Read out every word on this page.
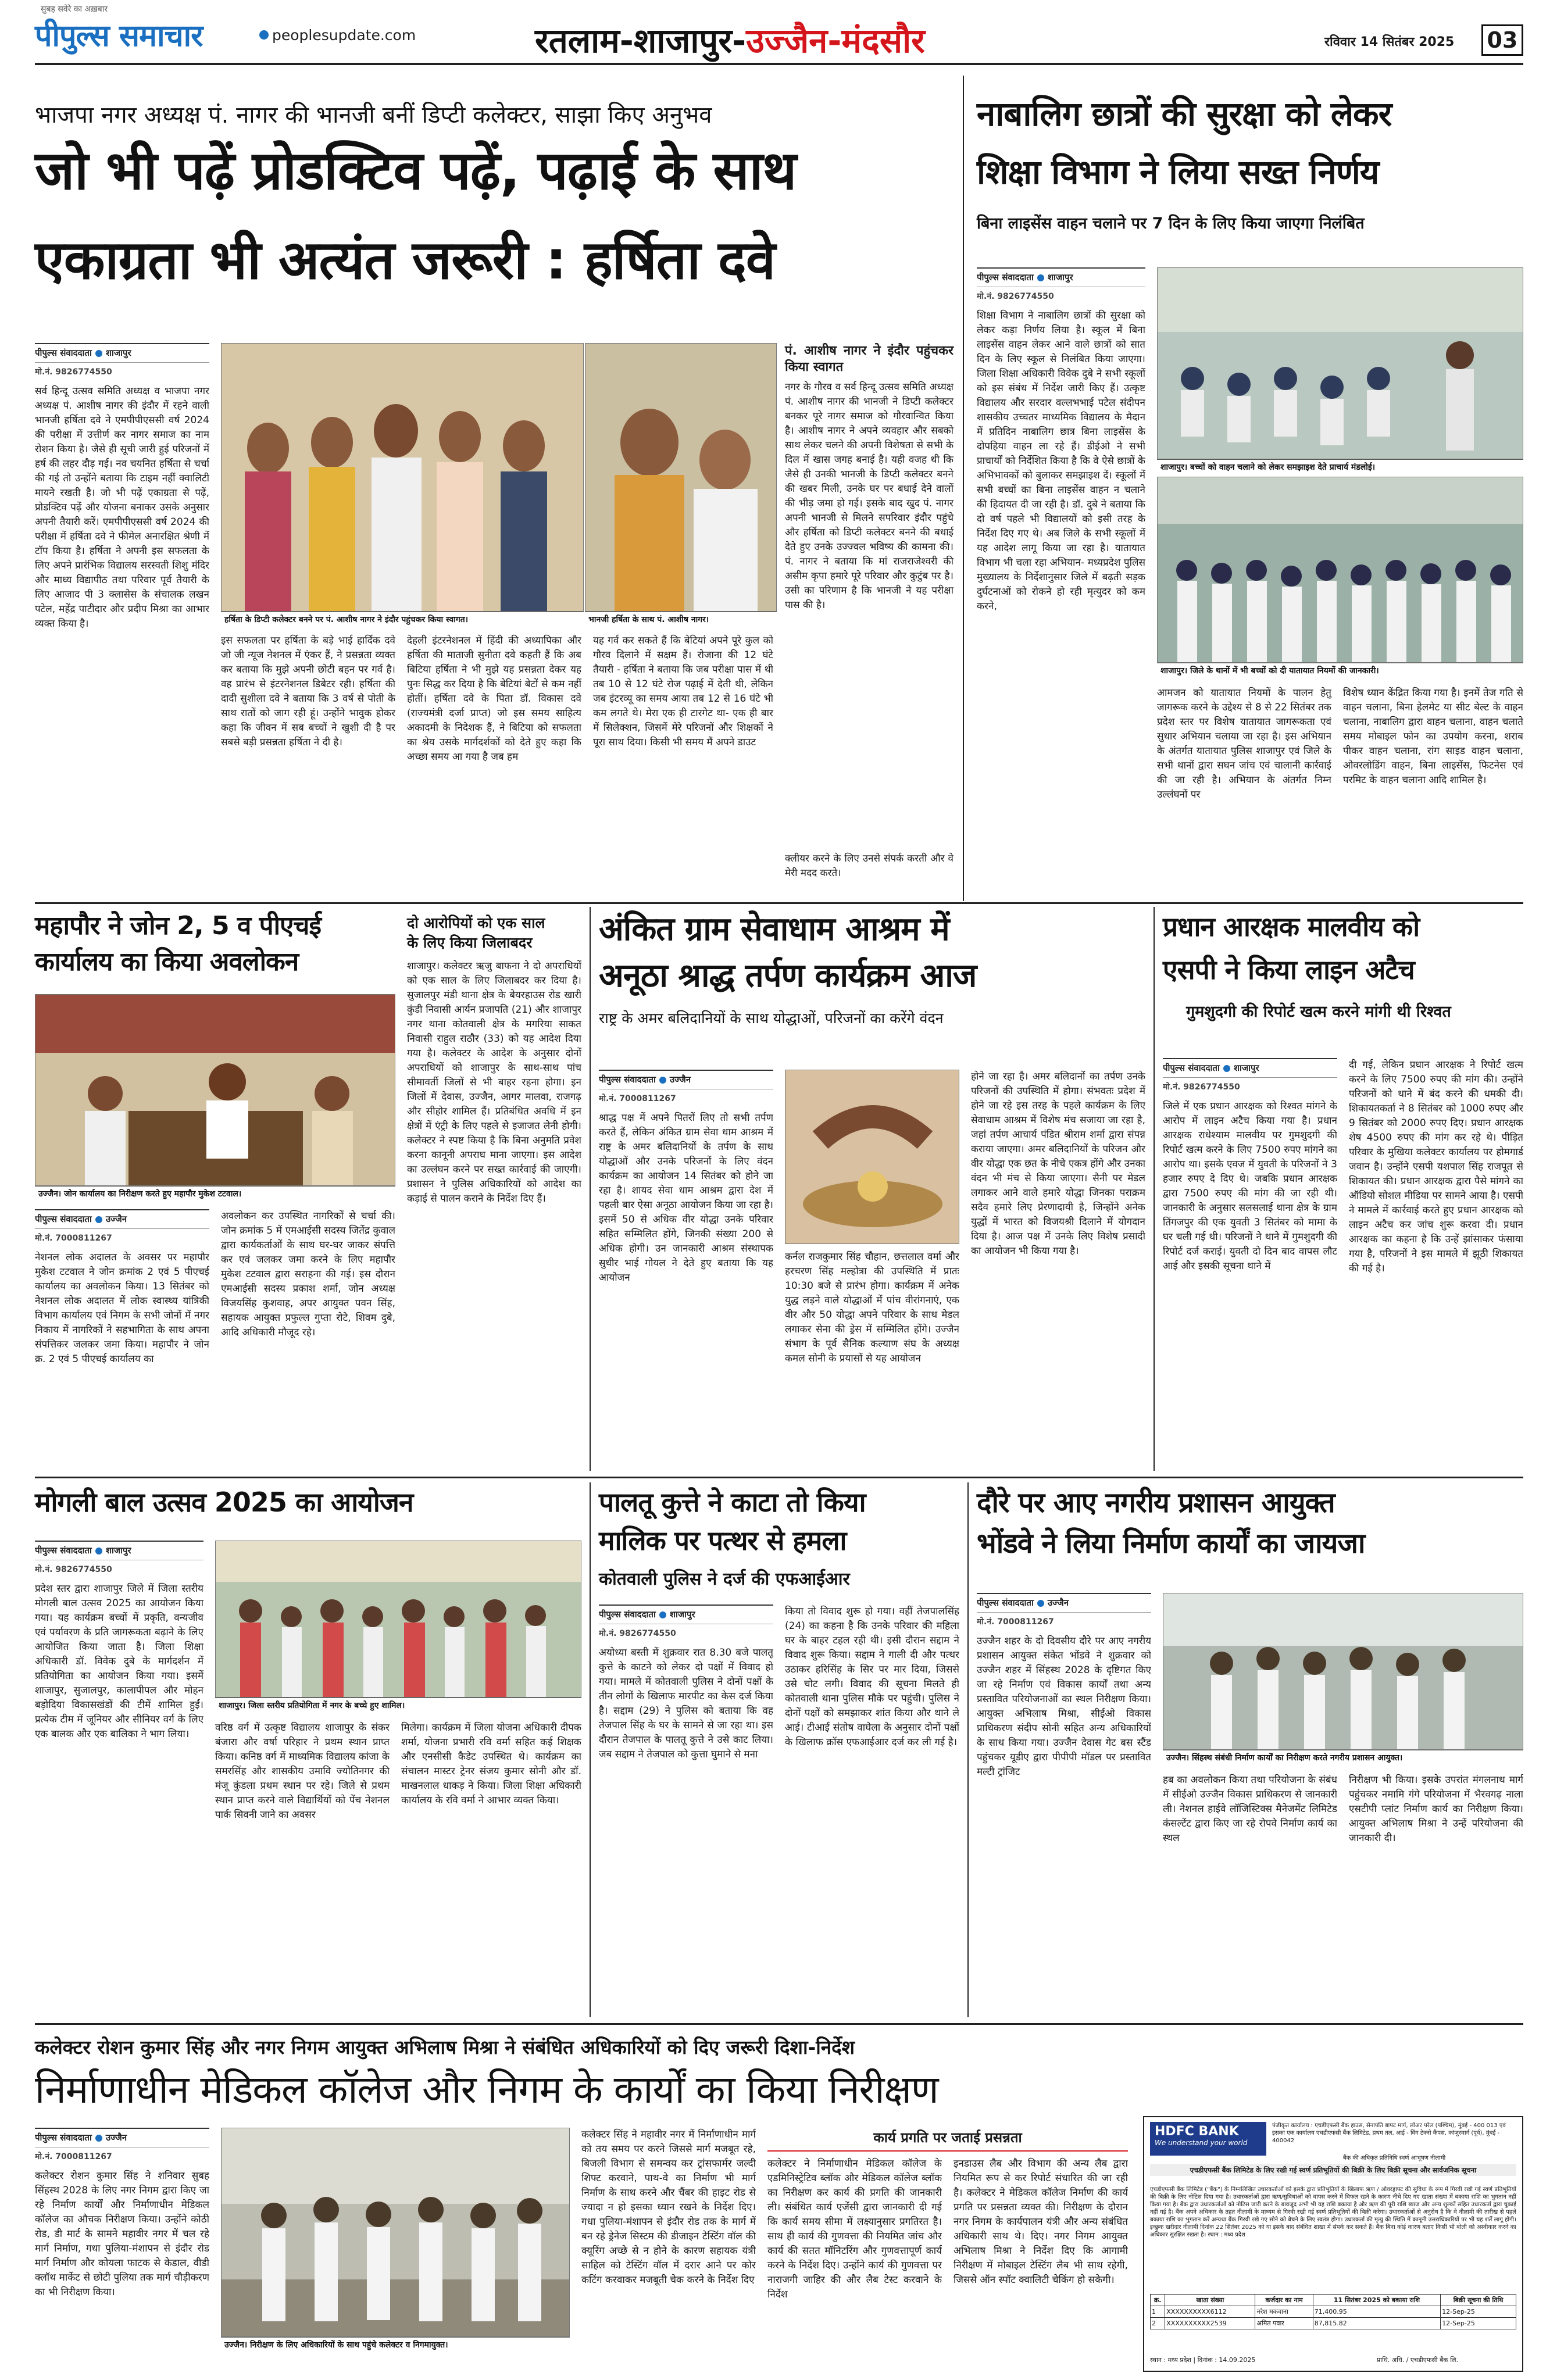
सुबह सवेरे का अख़बार
पीपुल्स समाचार	peoplesupdate.com	रतलाम-शाजापुर-उज्जैन-मंदसौर	रविवार 14 सितंबर 2025 03
भाजपा नगर अध्यक्ष पं. नागर की भानजी बनीं डिप्टी कलेक्टर, साझा किए अनुभव
जो भी पढ़ें प्रोडक्टिव पढ़ें, पढ़ाई के साथ
एकाग्रता भी अत्यंत जरूरी : हर्षिता दवे
पीपुल्स संवाददाता शाजापुर
मो.नं. 9826774550

सर्व हिन्दू उत्सव समिति अध्यक्ष व भाजपा नगर अध्यक्ष पं. आशीष नागर की इंदौर में रहने वाली भानजी हर्षिता दवे ने एमपीपीएससी वर्ष 2024 की परीक्षा में उत्तीर्ण कर नागर समाज का नाम रोशन किया है। जैसे ही सूची जारी हुई परिजनों में हर्ष की लहर दौड़ गई। नव चयनित हर्षिता से चर्चा की गई तो उन्होंने बताया कि टाइम नहीं क्वालिटी मायने रखती है। जो भी पढ़ें एकाग्रता से पढ़ें, प्रोडक्टिव पढ़ें और योजना बनाकर उसके अनुसार अपनी तैयारी करें। एमपीपीएससी वर्ष 2024 की परीक्षा में हर्षिता दवे ने फीमेल अनारक्षित श्रेणी में टॉप किया है। हर्षिता ने अपनी इस सफलता के लिए अपने प्रारंभिक विद्यालय सरस्वती शिशु मंदिर और माध्य विद्यापीठ तथा परिवार पूर्व तैयारी के लिए आजाद पी 3 क्लासेस के संचालक लखन पटेल, महेंद्र पाटीदार और प्रदीप मिश्रा का आभार व्यक्त किया है।	हर्षिता के डिप्टी कलेक्टर बनने पर पं. आशीष नागर ने इंदौर पहुंचकर किया स्वागत।	भानजी हर्षिता के साथ पं. आशीष नागर।
पं. आशीष नागर ने इंदौर पहुंचकर किया स्वागत
नगर के गौरव व सर्व हिन्दू उत्सव समिति अध्यक्ष पं. आशीष नागर की भानजी ने डिप्टी कलेक्टर बनकर पूरे नागर समाज को गौरवान्वित किया है। आशीष नागर ने अपने व्यवहार और सबको साथ लेकर चलने की अपनी विशेषता से सभी के दिल में खास जगह बनाई है। यही वजह थी कि जैसे ही उनकी भानजी के डिप्टी कलेक्टर बनने की खबर मिली, उनके घर पर बधाई देने वालों की भीड़ जमा हो गई। इसके बाद खुद पं. नागर अपनी भानजी से मिलने सपरिवार इंदौर पहुंचे और हर्षिता को डिप्टी कलेक्टर बनने की बधाई देते हुए उनके उज्ज्वल भविष्य की कामना की। पं. नागर ने बताया कि मां राजराजेश्वरी की असीम कृपा हमारे पूरे परिवार और कुटुंब पर है। उसी का परिणाम है कि भानजी ने यह परीक्षा पास की है।

इस सफलता पर हर्षिता के बड़े भाई हार्दिक दवे जो जी न्यूज नेशनल में एंकर हैं, ने प्रसन्नता व्यक्त कर बताया कि मुझे अपनी छोटी बहन पर गर्व है। वह प्रारंभ से इंटरनेशनल डिबेटर रही। हर्षिता की दादी सुशीला दवे ने बताया कि 3 वर्ष से पोती के साथ रातों को जाग रही हूं। उन्होंने भावुक होकर कहा कि जीवन में सब बच्चों ने खुशी दी है पर सबसे बड़ी प्रसन्नता हर्षिता ने दी है।

देहली इंटरनेशनल में हिंदी की अध्यापिका और हर्षिता की माताजी सुनीता दवे कहती हैं कि अब बिटिया हर्षिता ने भी मुझे यह प्रसन्नता देकर यह पुनः सिद्ध कर दिया है कि बेटियां बेटों से कम नहीं होतीं। हर्षिता दवे के पिता डॉ. विकास दवे (राज्यमंत्री दर्जा प्राप्त) जो इस समय साहित्य अकादमी के निदेशक हैं, ने बिटिया को सफलता का श्रेय उसके मार्गदर्शकों को देते हुए कहा कि अच्छा समय आ गया है जब हम

यह गर्व कर सकते हैं कि बेटियां अपने पूरे कुल को गौरव दिलाने में सक्षम हैं। रोजाना की 12 घंटे तैयारी - हर्षिता ने बताया कि जब परीक्षा पास में थी तब 10 से 12 घंटे रोज पढ़ाई में देती थी, लेकिन जब इंटरव्यू का समय आया तब 12 से 16 घंटे भी कम लगते थे। मेरा एक ही टारगेट था- एक ही बार में सिलेक्शन, जिसमें मेरे परिजनों और शिक्षकों ने पूरा साथ दिया। किसी भी समय मैं अपने डाउट

क्लीयर करने के लिए उनसे संपर्क करती और वे मेरी मदद करते।

नाबालिग छात्रों की सुरक्षा को लेकर
शिक्षा विभाग ने लिया सख्त निर्णय
बिना लाइसेंस वाहन चलाने पर 7 दिन के लिए किया जाएगा निलंबित
पीपुल्स संवाददाता शाजापुर
मो.नं. 9826774550

शिक्षा विभाग ने नाबालिग छात्रों की सुरक्षा को लेकर कड़ा निर्णय लिया है। स्कूल में बिना लाइसेंस वाहन लेकर आने वाले छात्रों को सात दिन के लिए स्कूल से निलंबित किया जाएगा। जिला शिक्षा अधिकारी विवेक दुबे ने सभी स्कूलों को इस संबंध में निर्देश जारी किए हैं। उत्कृष्ट विद्यालय और सरदार वल्लभभाई पटेल संदीपन शासकीय उच्चतर माध्यमिक विद्यालय के मैदान में प्रतिदिन नाबालिग छात्र बिना लाइसेंस के दोपहिया वाहन ला रहे हैं। डीईओ ने सभी प्राचार्यों को निर्देशित किया है कि वे ऐसे छात्रों के अभिभावकों को बुलाकर समझाइश दें। स्कूलों में सभी बच्चों का बिना लाइसेंस वाहन न चलाने की हिदायत दी जा रही है। डॉ. दुबे ने बताया कि दो वर्ष पहले भी विद्यालयों को इसी तरह के निर्देश दिए गए थे। अब जिले के सभी स्कूलों में यह आदेश लागू किया जा रहा है। यातायात विभाग भी चला रहा अभियान- मध्यप्रदेश पुलिस मुख्यालय के निर्देशानुसार जिले में बढ़ती सड़क दुर्घटनाओं को रोकने हो रही मृत्युदर को कम करने,

शाजापुर। बच्चों को वाहन चलाने को लेकर समझाइश देते प्राचार्य मंडलोई।
शाजापुर। जिले के थानों में भी बच्चों को दी यातायात नियमों की जानकारी।

आमजन को यातायात नियमों के पालन हेतु जागरूक करने के उद्देश्य से 8 से 22 सितंबर तक प्रदेश स्तर पर विशेष यातायात जागरूकता एवं सुधार अभियान चलाया जा रहा है। इस अभियान के अंतर्गत यातायात पुलिस शाजापुर एवं जिले के सभी थानों द्वारा सघन जांच एवं चालानी कार्रवाई की जा रही है। अभियान के अंतर्गत निम्न उल्लंघनों पर

विशेष ध्यान केंद्रित किया गया है। इनमें तेज गति से वाहन चलाना, बिना हेलमेट या सीट बेल्ट के वाहन चलाना, नाबालिग द्वारा वाहन चलाना, वाहन चलाते समय मोबाइल फोन का उपयोग करना, शराब पीकर वाहन चलाना, रांग साइड वाहन चलाना, ओवरलोडिंग वाहन, बिना लाइसेंस, फिटनेस एवं परमिट के वाहन चलाना आदि शामिल है।

महापौर ने जोन 2, 5 व पीएचई
कार्यालय का किया अवलोकन
उज्जैन। जोन कार्यालय का निरीक्षण करते हुए महापौर मुकेश टटवाल।
पीपुल्स संवाददाता उज्जैन
मो.नं. 7000811267

नेशनल लोक अदालत के अवसर पर महापौर मुकेश टटवाल ने जोन क्रमांक 2 एवं 5 पीएचई कार्यालय का अवलोकन किया। 13 सितंबर को नेशनल लोक अदालत में लोक स्वास्थ्य यांत्रिकी विभाग कार्यालय एवं निगम के सभी जोनों में नगर निकाय में नागरिकों ने सहभागिता के साथ अपना संपत्तिकर जलकर जमा किया। महापौर ने जोन क्र. 2 एवं 5 पीएचई कार्यालय का

अवलोकन कर उपस्थित नागरिकों से चर्चा की। जोन क्रमांक 5 में एमआईसी सदस्य जितेंद्र कुवाल द्वारा कार्यकर्ताओं के साथ घर-घर जाकर संपत्ति कर एवं जलकर जमा करने के लिए महापौर मुकेश टटवाल द्वारा सराहना की गई। इस दौरान एमआईसी सदस्य प्रकाश शर्मा, जोन अध्यक्ष विजयसिंह कुशवाह, अपर आयुक्त पवन सिंह, सहायक आयुक्त प्रफुल्ल गुप्ता रोटे, शिवम दुबे, आदि अधिकारी मौजूद रहे।

दो आरोपियों को एक साल
के लिए किया जिलाबदर

शाजापुर। कलेक्टर ऋजु बाफना ने दो अपराधियों को एक साल के लिए जिलाबदर कर दिया है। सुजालपुर मंडी थाना क्षेत्र के बेयरहाउस रोड खारी कुंडी निवासी आर्यन प्रजापति (21) और शाजापुर नगर थाना कोतवाली क्षेत्र के मगरिया साकत निवासी राहुल राठौर (33) को यह आदेश दिया गया है। कलेक्टर के आदेश के अनुसार दोनों अपराधियों को शाजापुर के साथ-साथ पांच सीमावर्ती जिलों से भी बाहर रहना होगा। इन जिलों में देवास, उज्जैन, आगर मालवा, राजगढ़ और सीहोर शामिल हैं। प्रतिबंधित अवधि में इन क्षेत्रों में एंट्री के लिए पहले से इजाजत लेनी होगी। कलेक्टर ने स्पष्ट किया है कि बिना अनुमति प्रवेश करना कानूनी अपराध माना जाएगा। इस आदेश का उल्लंघन करने पर सख्त कार्रवाई की जाएगी। प्रशासन ने पुलिस अधिकारियों को आदेश का कड़ाई से पालन कराने के निर्देश दिए हैं।

अंकित ग्राम सेवाधाम आश्रम में
अनूठा श्राद्ध तर्पण कार्यक्रम आज
राष्ट्र के अमर बलिदानियों के साथ योद्धाओं, परिजनों का करेंगे वंदन
पीपुल्स संवाददाता उज्जैन
मो.नं. 7000811267

श्राद्ध पक्ष में अपने पितरों लिए तो सभी तर्पण करते हैं, लेकिन अंकित ग्राम सेवा धाम आश्रम में राष्ट्र के अमर बलिदानियों के तर्पण के साथ योद्धाओं और उनके परिजनों के लिए वंदन कार्यक्रम का आयोजन 14 सितंबर को होने जा रहा है। शायद सेवा धाम आश्रम द्वारा देश में पहली बार ऐसा अनूठा आयोजन किया जा रहा है। इसमें 50 से अधिक वीर योद्धा उनके परिवार सहित सम्मिलित होंगे, जिनकी संख्या 200 से अधिक होगी। उन जानकारी आश्रम संस्थापक सुधीर भाई गोयल ने देते हुए बताया कि यह आयोजन

कर्नल राजकुमार सिंह चौहान, छत्तलाल वर्मा और हरचरण सिंह मल्होत्रा की उपस्थिति में प्रातः 10:30 बजे से प्रारंभ होगा। कार्यक्रम में अनेक युद्ध लड़ने वाले योद्धाओं में पांच वीरांगनाएं, एक वीर और 50 योद्धा अपने परिवार के साथ मेडल लगाकर सेना की ड्रेस में सम्मिलित होंगे। उज्जैन संभाग के पूर्व सैनिक कल्याण संघ के अध्यक्ष कमल सोनी के प्रयासों से यह आयोजन

होने जा रहा है। अमर बलिदानों का तर्पण उनके परिजनों की उपस्थिति में होगा। संभवतः प्रदेश में होने जा रहे इस तरह के पहले कार्यक्रम के लिए सेवाधाम आश्रम में विशेष मंच सजाया जा रहा है, जहां तर्पण आचार्य पंडित श्रीराम शर्मा द्वारा संपन्न कराया जाएगा। अमर बलिदानियों के परिजन और वीर योद्धा एक छत के नीचे एकत्र होंगे और उनका वंदन भी मंच से किया जाएगा। सैनी पर मेडल लगाकर आने वाले हमारे योद्धा जिनका पराक्रम सदैव हमारे लिए प्रेरणादायी है, जिन्होंने अनेक युद्धों में भारत को विजयश्री दिलाने में योगदान दिया है। आज पक्ष में उनके लिए विशेष प्रसादी का आयोजन भी किया गया है।

प्रधान आरक्षक मालवीय को
एसपी ने किया लाइन अटैच
गुमशुदगी की रिपोर्ट खत्म करने मांगी थी रिश्वत
पीपुल्स संवाददाता शाजापुर
मो.नं. 9826774550

जिले में एक प्रधान आरक्षक को रिश्वत मांगने के आरोप में लाइन अटैच किया गया है। प्रधान आरक्षक राधेश्याम मालवीय पर गुमशुदगी की रिपोर्ट खत्म करने के लिए 7500 रुपए मांगने का आरोप था। इसके एवज में युवती के परिजनों ने 3 हजार रुपए दे दिए थे। जबकि प्रधान आरक्षक द्वारा 7500 रुपए की मांग की जा रही थी। जानकारी के अनुसार सलसलाई थाना क्षेत्र के ग्राम तिंगजपुर की एक युवती 3 सितंबर को मामा के घर चली गई थी। परिजनों ने थाने में गुमशुदगी की रिपोर्ट दर्ज कराई। युवती दो दिन बाद वापस लौट आई और इसकी सूचना थाने में

दी गई, लेकिन प्रधान आरक्षक ने रिपोर्ट खत्म करने के लिए 7500 रुपए की मांग की। उन्होंने परिजनों को थाने में बंद करने की धमकी दी। शिकायतकर्ता ने 8 सितंबर को 1000 रुपए और 9 सितंबर को 2000 रुपए दिए। प्रधान आरक्षक शेष 4500 रुपए की मांग कर रहे थे। पीड़ित परिवार के मुखिया कलेक्टर कार्यालय पर होमगार्ड जवान है। उन्होंने एसपी यशपाल सिंह राजपूत से शिकायत की। प्रधान आरक्षक द्वारा पैसे मांगने का ऑडियो सोशल मीडिया पर सामने आया है। एसपी ने मामले में कार्रवाई करते हुए प्रधान आरक्षक को लाइन अटैच कर जांच शुरू करवा दी। प्रधान आरक्षक का कहना है कि उन्हें झांसाकर फंसाया गया है, परिजनों ने इस मामले में झूठी शिकायत की गई है।

मोगली बाल उत्सव 2025 का आयोजन
पीपुल्स संवाददाता शाजापुर
मो.नं. 9826774550

प्रदेश स्तर द्वारा शाजापुर जिले में जिला स्तरीय मोगली बाल उत्सव 2025 का आयोजन किया गया। यह कार्यक्रम बच्चों में प्रकृति, वन्यजीव एवं पर्यावरण के प्रति जागरूकता बढ़ाने के लिए आयोजित किया जाता है। जिला शिक्षा अधिकारी डॉ. विवेक दुबे के मार्गदर्शन में प्रतियोगिता का आयोजन किया गया। इसमें शाजापुर, सुजालपुर, कालापीपल और मोहन बड़ोदिया विकासखंडों की टीमें शामिल हुईं। प्रत्येक टीम में जूनियर और सीनियर वर्ग के लिए एक बालक और एक बालिका ने भाग लिया।

शाजापुर। जिला स्तरीय प्रतियोगिता में नगर के बच्चे हुए शामिल।

वरिष्ठ वर्ग में उत्कृष्ट विद्यालय शाजापुर के संकर बंजारा और वर्षा परिहार ने प्रथम स्थान प्राप्त किया। कनिष्ठ वर्ग में माध्यमिक विद्यालय कांजा के समरसिंह और शासकीय उमावि ज्योतिनगर की मंजू कुंडला प्रथम स्थान पर रहे। जिले से प्रथम स्थान प्राप्त करने वाले विद्यार्थियों को पेंच नेशनल पार्क सिवनी जाने का अवसर

मिलेगा। कार्यक्रम में जिला योजना अधिकारी दीपक शर्मा, योजना प्रभारी रवि वर्मा सहित कई शिक्षक और एनसीसी कैडेट उपस्थित थे। कार्यक्रम का संचालन मास्टर ट्रेनर संजय कुमार सोनी और डॉ. माखनलाल धाकड़ ने किया। जिला शिक्षा अधिकारी कार्यालय के रवि वर्मा ने आभार व्यक्त किया।

पालतू कुत्ते ने काटा तो किया
मालिक पर पत्थर से हमला
कोतवाली पुलिस ने दर्ज की एफआईआर
पीपुल्स संवाददाता शाजापुर
मो.नं. 9826774550

अयोध्या बस्ती में शुक्रवार रात 8.30 बजे पालतू कुत्ते के काटने को लेकर दो पक्षों में विवाद हो गया। मामले में कोतवाली पुलिस ने दोनों पक्षों के तीन लोगों के खिलाफ मारपीट का केस दर्ज किया है। सद्दाम (29) ने पुलिस को बताया कि वह तेजपाल सिंह के घर के सामने से जा रहा था। इस दौरान तेजपाल के पालतू कुत्ते ने उसे काट लिया। जब सद्दाम ने तेजपाल को कुत्ता घुमाने से मना

किया तो विवाद शुरू हो गया। वहीं तेजपालसिंह (24) का कहना है कि उनके परिवार की महिला घर के बाहर टहल रही थी। इसी दौरान सद्दाम ने विवाद शुरू किया। सद्दाम ने गाली दी और पत्थर उठाकर हरिसिंह के सिर पर मार दिया, जिससे उसे चोट लगी। विवाद की सूचना मिलते ही कोतवाली थाना पुलिस मौके पर पहुंची। पुलिस ने दोनों पक्षों को समझाकर शांत किया और थाने ले आई। टीआई संतोष वाघेला के अनुसार दोनों पक्षों के खिलाफ क्रॉस एफआईआर दर्ज कर ली गई है।

दौरे पर आए नगरीय प्रशासन आयुक्त
भोंडवे ने लिया निर्माण कार्यों का जायजा
पीपुल्स संवाददाता उज्जैन
मो.नं. 7000811267

उज्जैन शहर के दो दिवसीय दौरे पर आए नगरीय प्रशासन आयुक्त संकेत भोंडवे ने शुक्रवार को उज्जैन शहर में सिंहस्थ 2028 के दृष्टिगत किए जा रहे निर्माण एवं विकास कार्यों तथा अन्य प्रस्तावित परियोजनाओं का स्थल निरीक्षण किया। आयुक्त अभिलाष मिश्रा, सीईओ विकास प्राधिकरण संदीप सोनी सहित अन्य अधिकारियों के साथ किया गया। उज्जैन देवास गेट बस स्टैंड पहुंचकर यूडीए द्वारा पीपीपी मॉडल पर प्रस्तावित मल्टी ट्रांजिट

उज्जैन। सिंहस्थ संबंधी निर्माण कार्यों का निरीक्षण करते नगरीय प्रशासन आयुक्त।

हब का अवलोकन किया तथा परियोजना के संबंध में सीईओ उज्जैन विकास प्राधिकरण से जानकारी ली। नेशनल हाईवे लॉजिस्टिक्स मैनेजमेंट लिमिटेड कंसल्टेंट द्वारा किए जा रहे रोपवे निर्माण कार्य का स्थल

निरीक्षण भी किया। इसके उपरांत मंगलनाथ मार्ग पहुंचकर नमामि गंगे परियोजना में भैरवगढ़ नाला एसटीपी प्लांट निर्माण कार्य का निरीक्षण किया। आयुक्त अभिलाष मिश्रा ने उन्हें परियोजना की जानकारी दी।

कलेक्टर रोशन कुमार सिंह और नगर निगम आयुक्त अभिलाष मिश्रा ने संबंधित अधिकारियों को दिए जरूरी दिशा-निर्देश
निर्माणाधीन मेडिकल कॉलेज और निगम के कार्यों का किया निरीक्षण
पीपुल्स संवाददाता उज्जैन
मो.नं. 7000811267

कलेक्टर रोशन कुमार सिंह ने शनिवार सुबह सिंहस्थ 2028 के लिए नगर निगम द्वारा किए जा रहे निर्माण कार्यों और निर्माणाधीन मेडिकल कॉलेज का औचक निरीक्षण किया। उन्होंने कोठी रोड, डी मार्ट के सामने महावीर नगर में चल रहे मार्ग निर्माण, गधा पुलिया-मंशापन से इंदौर रोड मार्ग निर्माण और कोयला फाटक से केडाल, वीडी क्लॉथ मार्केट से छोटी पुलिया तक मार्ग चौड़ीकरण का भी निरीक्षण किया।

उज्जैन। निरीक्षण के लिए अधिकारियों के साथ पहुंचे कलेक्टर व निगमायुक्त।

कलेक्टर सिंह ने महावीर नगर में निर्माणाधीन मार्ग को तय समय पर करने जिससे मार्ग मजबूत रहे, बिजली विभाग से समन्वय कर ट्रांसफार्मर जल्दी शिफ्ट करवाने, पाथ-वे का निर्माण भी मार्ग निर्माण के साथ करने और चैंबर की हाइट रोड से ज्यादा न हो इसका ध्यान रखने के निर्देश दिए। गधा पुलिया-मंशापन से इंदौर रोड तक के मार्ग में बन रहे ड्रेनेज सिस्टम की डीजाइन टेस्टिंग वॉल की क्यूरिंग अच्छे से न होने के कारण सहायक यंत्री साहिल को टेस्टिंग वॉल में दरार आने पर कोर कटिंग करवाकर मजबूती चेक करने के निर्देश दिए

कार्य प्रगति पर जताई प्रसन्नता

कलेक्टर ने निर्माणाधीन मेडिकल कॉलेज के एडमिनिस्ट्रेटिव ब्लॉक और मेडिकल कॉलेज ब्लॉक का निरीक्षण कर कार्य की प्रगति की जानकारी ली। संबंधित कार्य एजेंसी द्वारा जानकारी दी गई कि कार्य समय सीमा में लक्ष्यानुसार प्रगतिरत है। साथ ही कार्य की गुणवत्ता की नियमित जांच और कार्य की सतत मॉनिटरिंग और गुणवत्तापूर्ण कार्य करने के निर्देश दिए। उन्होंने कार्य की गुणवत्ता पर नाराजगी जाहिर की और लैब टेस्ट करवाने के निर्देश

इनडाउस लैब और विभाग की अन्य लैब द्वारा नियमित रूप से कर रिपोर्ट संधारित की जा रही है। कलेक्टर ने मेडिकल कॉलेज निर्माण की कार्य प्रगति पर प्रसन्नता व्यक्त की। निरीक्षण के दौरान नगर निगम के कार्यपालन यंत्री और अन्य संबंधित अधिकारी साथ थे। दिए। नगर निगम आयुक्त अभिलाष मिश्रा ने निर्देश दिए कि आगामी निरीक्षण में मोबाइल टेस्टिंग लैब भी साथ रहेगी, जिससे ऑन स्पॉट क्वालिटी चेकिंग हो सकेगी।

HDFC BANK
We understand your world
पंजीकृत कार्यालय : एचडीएफसी बैंक हाउस, सेनापति बापट मार्ग, लोअर परेल (पश्चिम), मुंबई - 400 013 एवं इसका एक कार्यालय एचडीएफसी बैंक लिमिटेड, प्रथम तल, आई - विंग टेक्नो कैंपस, कांजुरमार्ग (पूर्व), मुंबई - 400042
बैंक की अधिकृत प्रतिनिधि स्वर्ण आभूषण नीलामी
एचडीएफसी बैंक लिमिटेड के लिए रखी गई स्वर्ण प्रतिभूतियों की बिक्री के लिए बिक्री सूचना और सार्वजनिक सूचना
एचडीएफसी बैंक लिमिटेड ("बैंक") के निम्नलिखित उधारकर्ताओं को इसके द्वारा प्रतिभूतियों के खिलाफ ऋण / ओवरड्राफ्ट की सुविधा के रूप में गिरवी रखी गई स्वर्ण प्रतिभूतियों की बिक्री के लिए नोटिस दिया गया है। उधारकर्ताओं द्वारा ऋण/सुविधाओं को वापस करने में विफल रहने के कारण नीचे दिए गए खाता संख्या में बकाया राशि का भुगतान नहीं किया गया है। बैंक द्वारा उधारकर्ताओं को नोटिस जारी करने के बावजूद अभी भी यह राशि बकाया है और ऋण की पूरी राशि ब्याज और अन्य शुल्कों सहित उधारकर्ता द्वारा चुकाई नहीं गई है। बैंक अपने अधिकार के तहत नीलामी के माध्यम से गिरवी रखी गई स्वर्ण प्रतिभूतियों की बिक्री करेगा। उधारकर्ताओं से अनुरोध है कि वे नीलामी की तारीख से पहले बकाया राशि का भुगतान करें अन्यथा बैंक गिरवी रखे गए सोने को बेचने के लिए स्वतंत्र होगा। उधारकर्ता की मृत्यु की स्थिति में कानूनी उत्तराधिकारियों पर भी यह शर्तें लागू होंगी। इच्छुक खरीदार नीलामी दिनांक 22 सितंबर 2025 को या इसके बाद संबंधित शाखा में संपर्क कर सकते हैं। बैंक बिना कोई कारण बताए किसी भी बोली को अस्वीकार करने का अधिकार सुरक्षित रखता है। स्थान : मध्य प्रदेश
क्र.	खाता संख्या	कर्जदार का नाम	11 सितंबर 2025 को बकाया राशि	बिक्री सूचना की तिथि
1	XXXXXXXXXX6112	नरेश मकवाना	71,400.95	12-Sep-25
2	XXXXXXXXXX2539	अमित पवार	87,815.82	12-Sep-25
स्थान : मध्य प्रदेश | दिनांक : 14.09.2025	प्राधि. अधि. / एचडीएफसी बैंक लि.
